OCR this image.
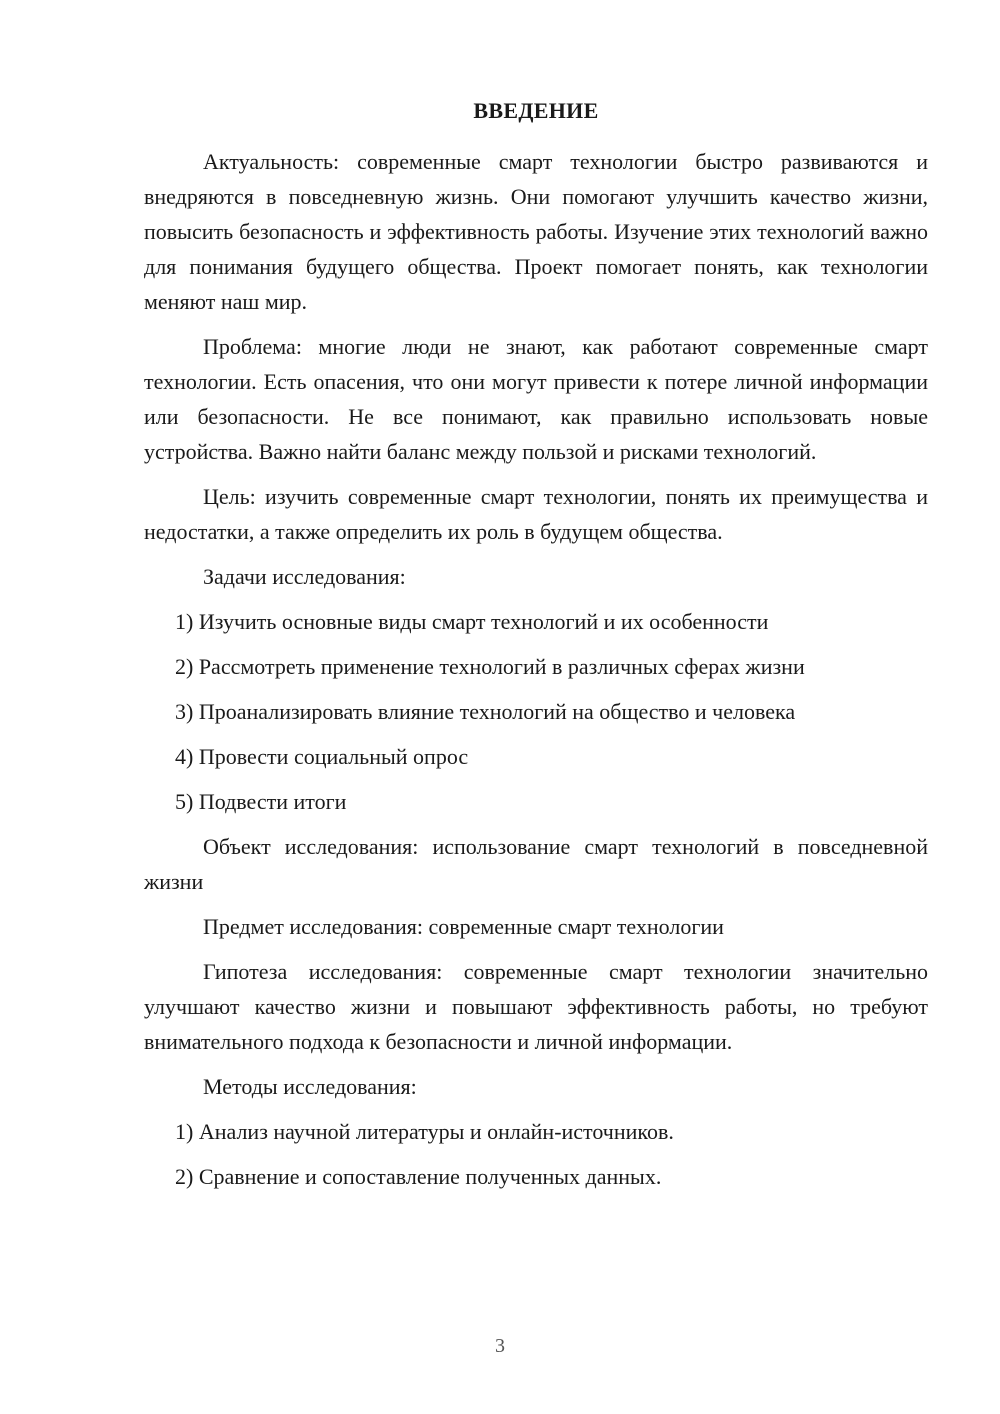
ВВЕДЕНИЕ

Актуальность: современные смарт технологии быстро развиваются и внедряются в повседневную жизнь. Они помогают улучшить качество жизни, повысить безопасность и эффективность работы. Изучение этих технологий важно для понимания будущего общества. Проект помогает понять, как технологии меняют наш мир.

Проблема: многие люди не знают, как работают современные смарт технологии. Есть опасения, что они могут привести к потере личной информации или безопасности. Не все понимают, как правильно использовать новые устройства. Важно найти баланс между пользой и рисками технологий.

Цель: изучить современные смарт технологии, понять их преимущества и недостатки, а также определить их роль в будущем общества.

Задачи исследования:
1) Изучить основные виды смарт технологий и их особенности
2) Рассмотреть применение технологий в различных сферах жизни
3) Проанализировать влияние технологий на общество и человека
4) Провести социальный опрос
5) Подвести итоги

Объект исследования: использование смарт технологий в повседневной жизни

Предмет исследования: современные смарт технологии

Гипотеза исследования: современные смарт технологии значительно улучшают качество жизни и повышают эффективность работы, но требуют внимательного подхода к безопасности и личной информации.

Методы исследования:
1) Анализ научной литературы и онлайн-источников.
2) Сравнение и сопоставление полученных данных.
3
